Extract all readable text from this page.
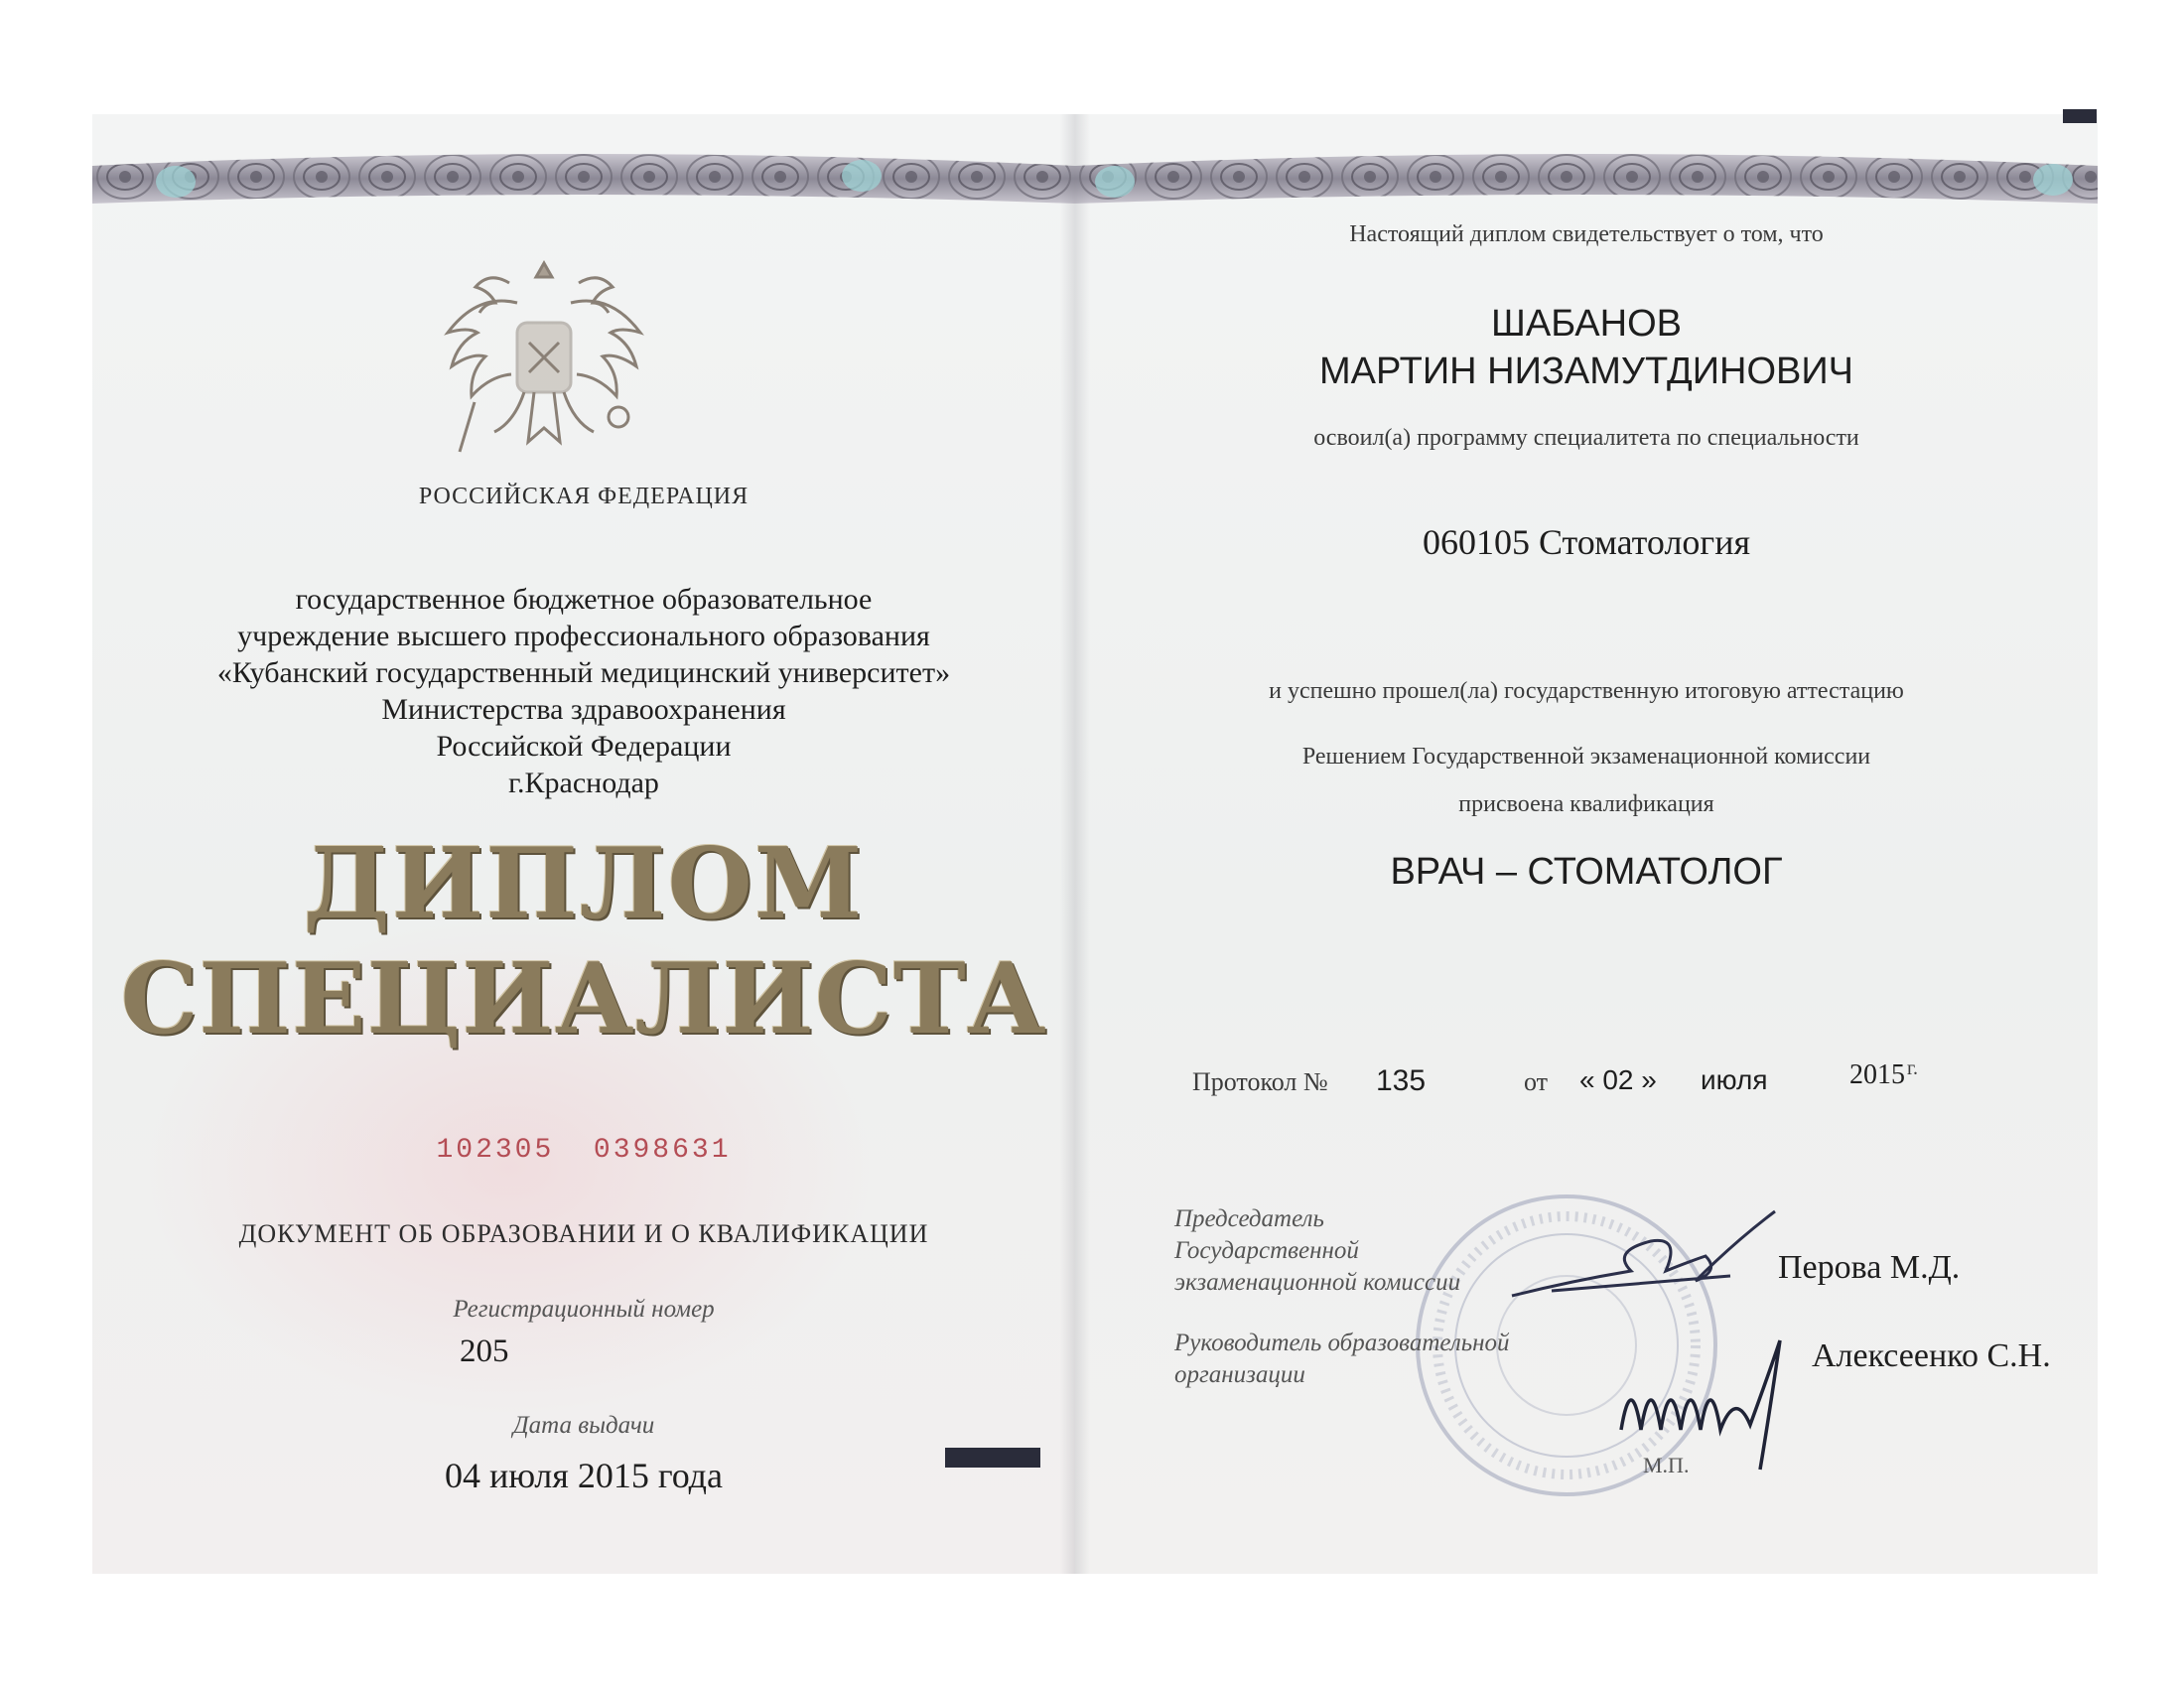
РОССИЙСКАЯ ФЕДЕРАЦИЯ
государственное бюджетное образовательное
учреждение высшего профессионального образования
«Кубанский государственный медицинский университет»
Министерства здравоохранения
Российской Федерации
г.Краснодар
ДИПЛОМ
СПЕЦИАЛИСТА
102305  0398631
ДОКУМЕНТ ОБ ОБРАЗОВАНИИ И О КВАЛИФИКАЦИИ
Регистрационный номер
205
Дата выдачи
04 июля 2015 года
Настоящий диплом свидетельствует о том, что
ШАБАНОВ
МАРТИН НИЗАМУТДИНОВИЧ
освоил(а) программу специалитета по специальности
060105 Стоматология
и успешно прошел(ла) государственную итоговую аттестацию
Решением Государственной экзаменационной комиссии
присвоена квалификация
ВРАЧ – СТОМАТОЛОГ
Протокол № 135	от « 02 » июля	2015 г.
Председатель
Государственной
экзаменационной комиссии	Перова М.Д.
Руководитель образовательной
организации
Алексеенко С.Н.
М.П.
